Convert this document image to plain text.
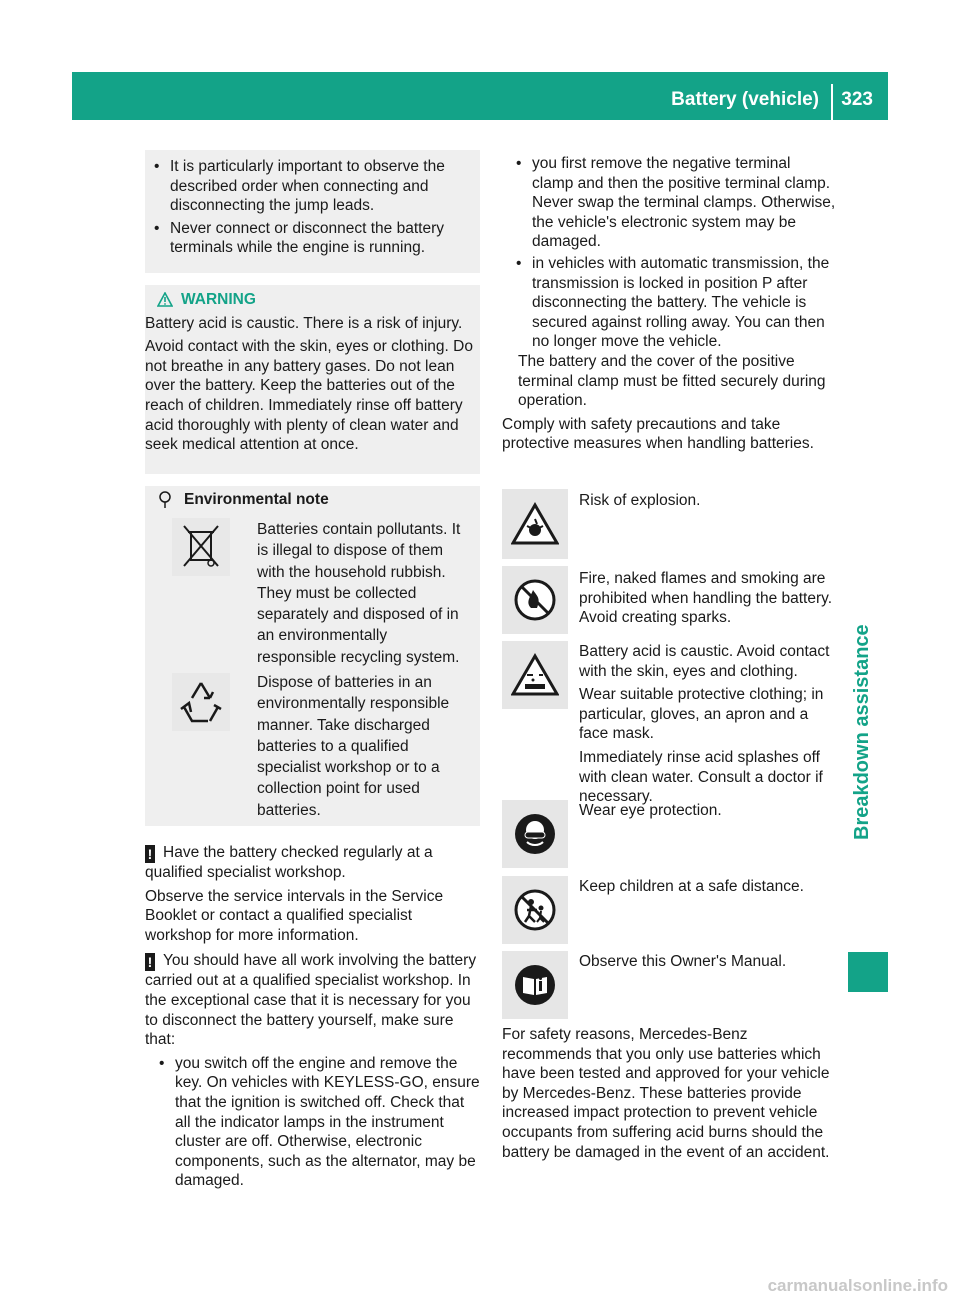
Battery (vehicle) 323
Breakdown assistance

• It is particularly important to observe the described order when connecting and disconnecting the jump leads.

• Never connect or disconnect the battery terminals while the engine is running.

WARNING

Battery acid is caustic. There is a risk of injury.

Avoid contact with the skin, eyes or clothing. Do not breathe in any battery gases. Do not lean over the battery. Keep the batteries out of the reach of children. Immediately rinse off battery acid thoroughly with plenty of clean water and seek medical attention at once.

Environmental note

Batteries contain pollutants. It is illegal to dispose of them with the household rubbish. They must be collected separately and disposed of in an environmentally responsible recycling system.

Dispose of batteries in an environmentally responsible manner. Take discharged batteries to a qualified specialist workshop or to a collection point for used batteries.

! Have the battery checked regularly at a qualified specialist workshop.

Observe the service intervals in the Service Booklet or contact a qualified specialist workshop for more information.

! You should have all work involving the battery carried out at a qualified specialist workshop. In the exceptional case that it is necessary for you to disconnect the battery yourself, make sure that:

• you switch off the engine and remove the key. On vehicles with KEYLESS-GO, ensure that the ignition is switched off. Check that all the indicator lamps in the instrument cluster are off. Otherwise, electronic components, such as the alternator, may be damaged.

• you first remove the negative terminal clamp and then the positive terminal clamp. Never swap the terminal clamps. Otherwise, the vehicle's electronic system may be damaged.

• in vehicles with automatic transmission, the transmission is locked in position P after disconnecting the battery. The vehicle is secured against rolling away. You can then no longer move the vehicle.

The battery and the cover of the positive terminal clamp must be fitted securely during operation.

Comply with safety precautions and take protective measures when handling batteries.

Risk of explosion.

Fire, naked flames and smoking are prohibited when handling the battery. Avoid creating sparks.

Battery acid is caustic. Avoid contact with the skin, eyes and clothing.

Wear suitable protective clothing; in particular, gloves, an apron and a face mask.

Immediately rinse acid splashes off with clean water. Consult a doctor if necessary.

Wear eye protection.

Keep children at a safe distance.

Observe this Owner's Manual.

For safety reasons, Mercedes-Benz recommends that you only use batteries which have been tested and approved for your vehicle by Mercedes-Benz. These batteries provide increased impact protection to prevent vehicle occupants from suffering acid burns should the battery be damaged in the event of an accident.

carmanualsonline.info
